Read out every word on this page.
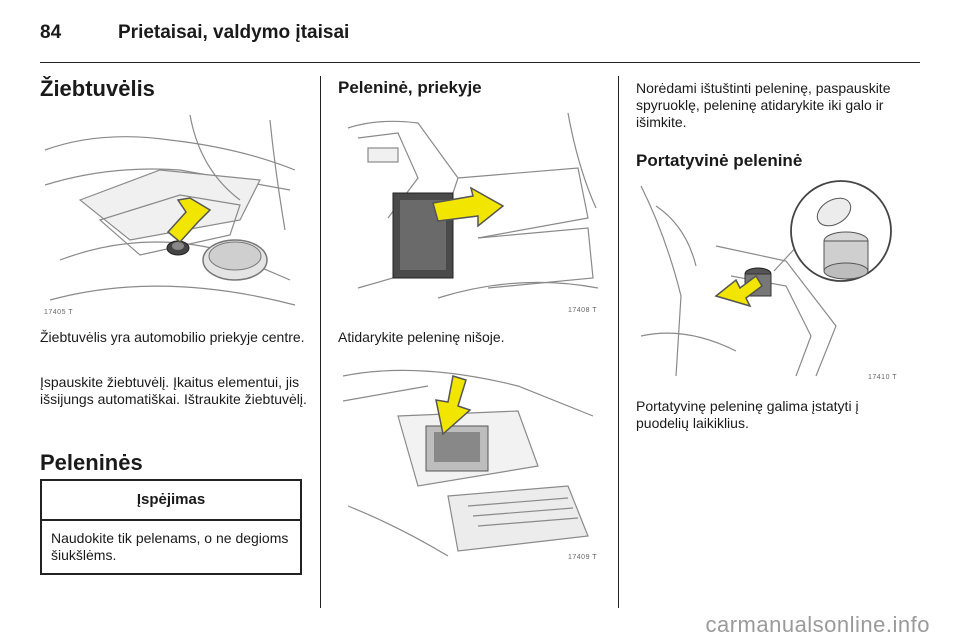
84	Prietaisai, valdymo įtaisai
Žiebtuvėlis
17405 T
Žiebtuvėlis yra automobilio priekyje centre.
Įspauskite žiebtuvėlį. Įkaitus elementui, jis išsijungs automatiškai. Ištraukite žiebtuvėlį.
Peleninės
Įspėjimas
Naudokite tik pelenams, o ne degioms šiukšlėms.
Peleninė, priekyje
17408 T
Atidarykite peleninę nišoje.
17409 T
Norėdami ištuštinti peleninę, paspauskite spyruoklę, peleninę atidarykite iki galo ir išimkite.
Portatyvinė peleninė
17410 T
Portatyvinę peleninę galima įstatyti į puodelių laikiklius.
carmanualsonline.info
